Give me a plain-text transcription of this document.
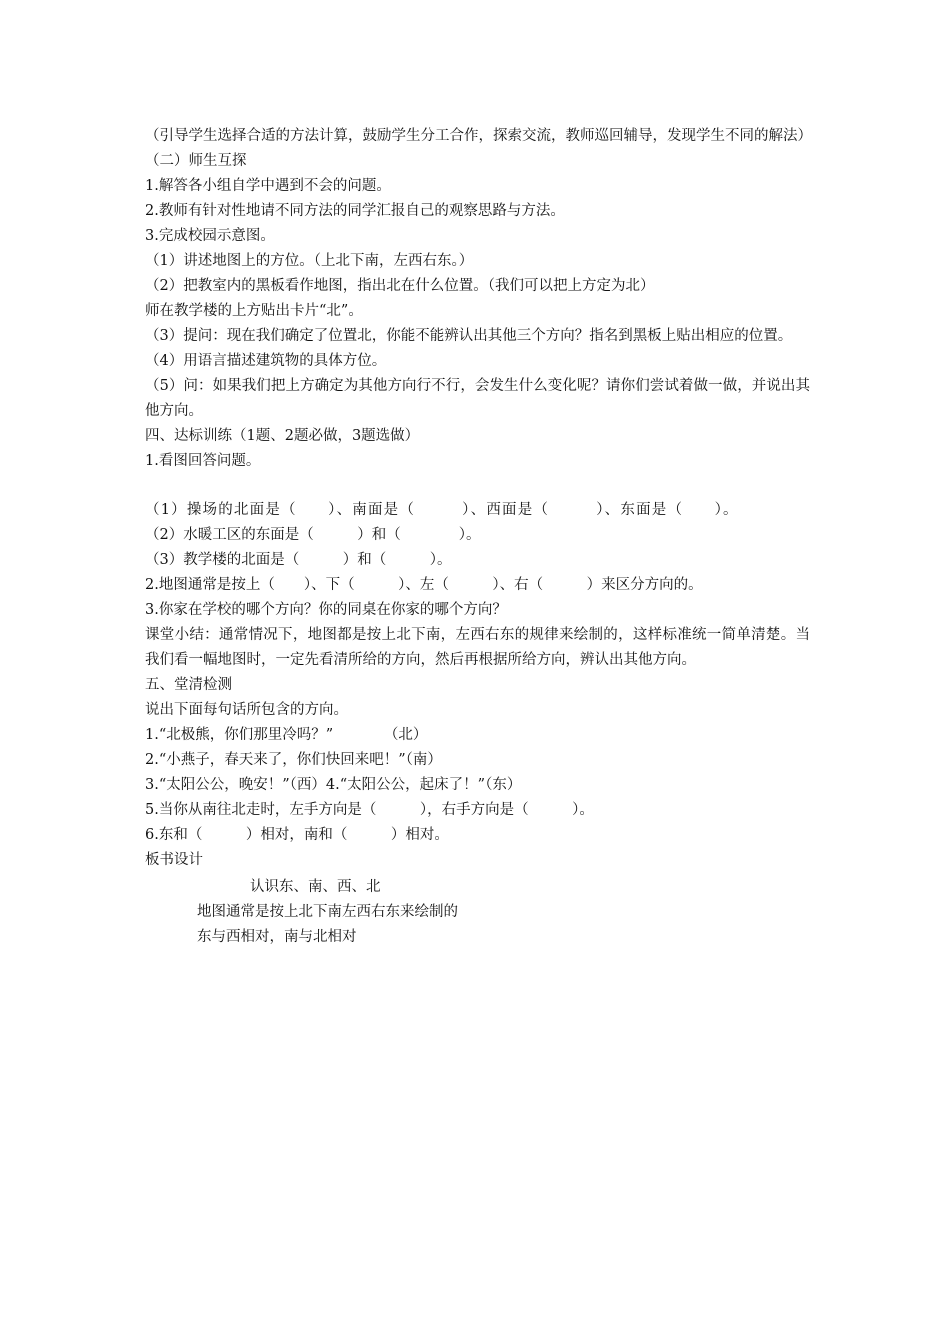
（引导学生选择合适的方法计算，鼓励学生分工合作，探索交流，教师巡回辅导，发现学生不同的解法）

（二）师生互探

1.解答各小组自学中遇到不会的问题。

2.教师有针对性地请不同方法的同学汇报自己的观察思路与方法。

3.完成校园示意图。

（1）讲述地图上的方位。（上北下南，左西右东。）

（2）把教室内的黑板看作地图，指出北在什么位置。（我们可以把上方定为北）

师在教学楼的上方贴出卡片“北”。

（3）提问：现在我们确定了位置北，你能不能辨认出其他三个方向？指名到黑板上贴出相应的位置。

（4）用语言描述建筑物的具体方位。

（5）问：如果我们把上方确定为其他方向行不行，会发生什么变化呢？请你们尝试着做一做，并说出其他方向。

四、达标训练（1题、2题必做，3题选做）

1.看图回答问题。

（1）操场的北面是（　　）、南面是（　　　）、西面是（　　　）、东面是（　　）。

（2）水暖工区的东面是（　　　）和（　　　　）。

（3）教学楼的北面是（　　　）和（　　　）。

2.地图通常是按上（　　）、下（　　　）、左（　　　）、右（　　　）来区分方向的。

3.你家在学校的哪个方向？你的同桌在你家的哪个方向？

课堂小结：通常情况下，地图都是按上北下南，左西右东的规律来绘制的，这样标准统一简单清楚。当我们看一幅地图时，一定先看清所给的方向，然后再根据所给方向，辨认出其他方向。

五、堂清检测

说出下面每句话所包含的方向。

1.“北极熊，你们那里冷吗？”　　　　（北）

2.“小燕子，春天来了，你们快回来吧！”（南）

3.“太阳公公，晚安！”（西）4.“太阳公公，起床了！”（东）

5.当你从南往北走时，左手方向是（　　　），右手方向是（　　　）。

6.东和（　　　）相对，南和（　　　）相对。

板书设计

认识东、南、西、北

地图通常是按上北下南左西右东来绘制的

东与西相对，南与北相对
